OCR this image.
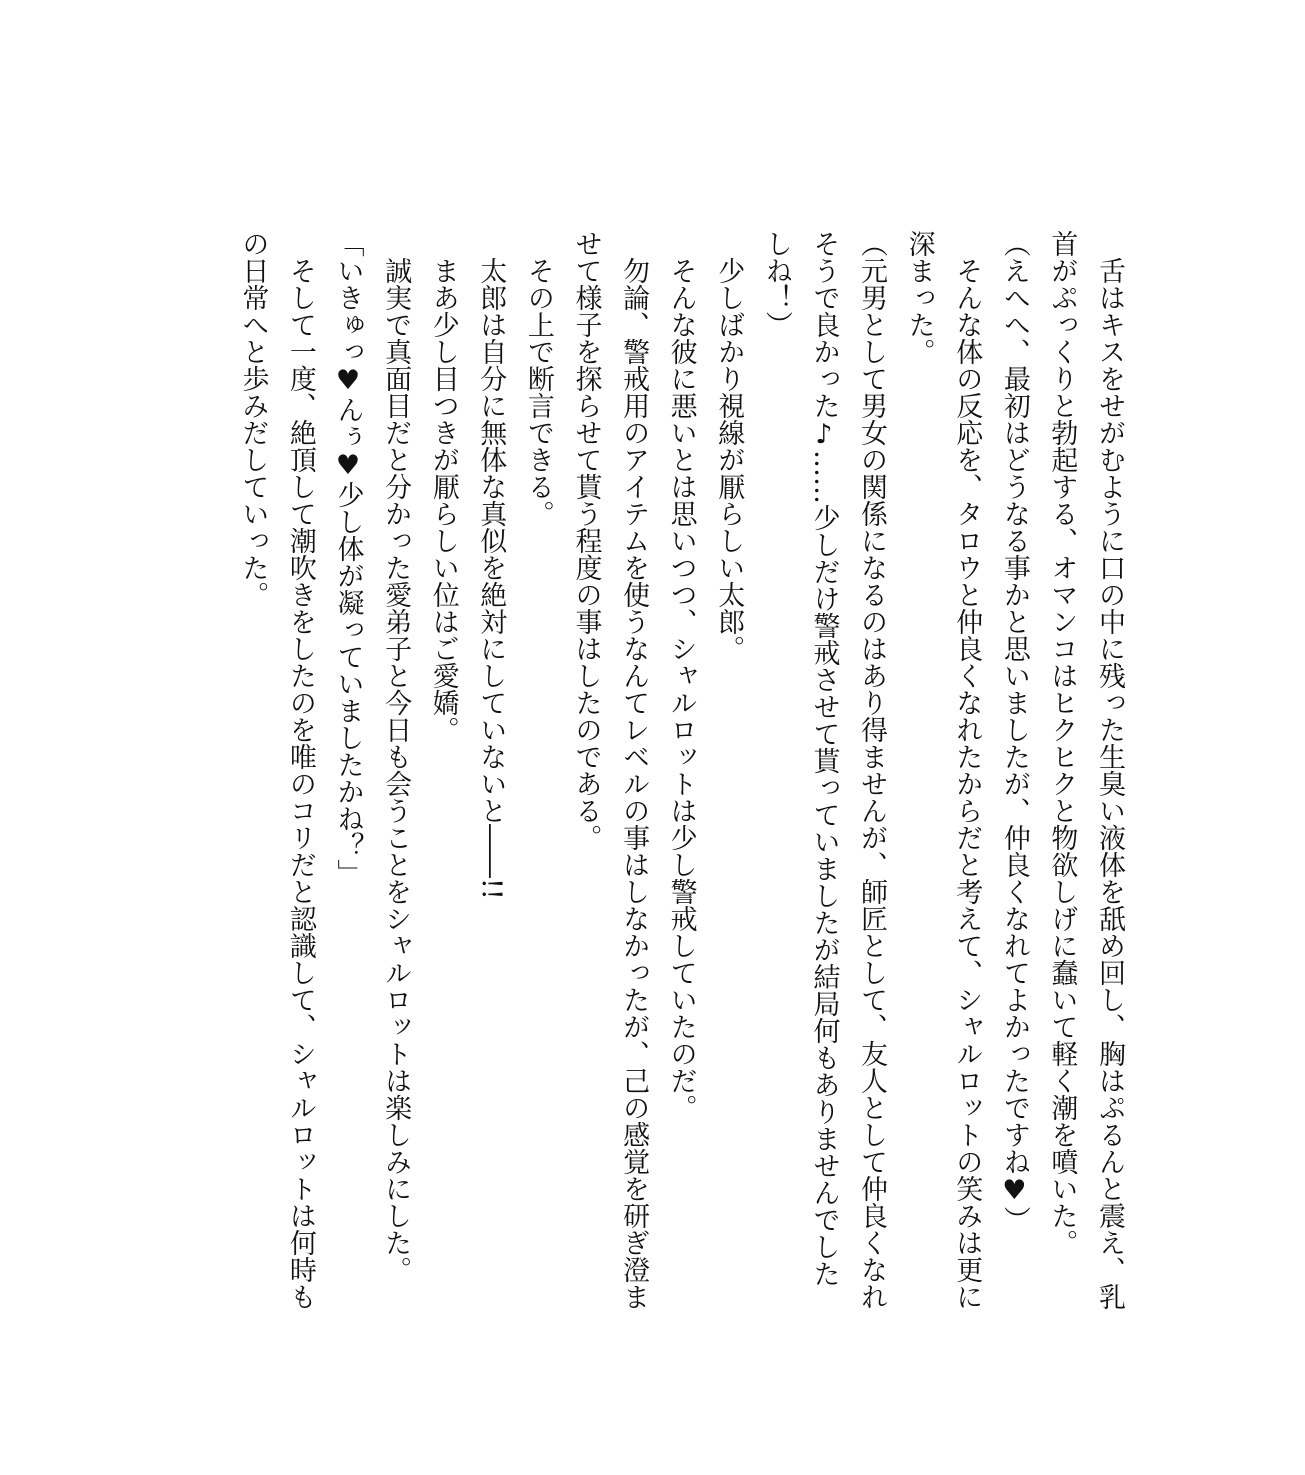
　舌はキスをせがむように口の中に残った生臭い液体を舐め回し、胸はぷるんと震え、乳
首がぷっくりと勃起する、オマンコはヒクヒクと物欲しげに蠢いて軽く潮を噴いた。
（えへへ、最初はどうなる事かと思いましたが、仲良くなれてよかったですね♥）
　そんな体の反応を、タロウと仲良くなれたからだと考えて、シャルロットの笑みは更に
深まった。
（元男として男女の関係になるのはあり得ませんが、師匠として、友人として仲良くなれ
そうで良かった♪……少しだけ警戒させて貰っていましたが結局何もありませんでした
しね！）
　少しばかり視線が厭らしい太郎。
　そんな彼に悪いとは思いつつ、シャルロットは少し警戒していたのだ。
　勿論、警戒用のアイテムを使うなんてレベルの事はしなかったが、己の感覚を研ぎ澄ま
せて様子を探らせて貰う程度の事はしたのである。
　その上で断言できる。
　太郎は自分に無体な真似を絶対にしていないと――!!
　まあ少し目つきが厭らしい位はご愛嬌。
　誠実で真面目だと分かった愛弟子と今日も会うことをシャルロットは楽しみにした。
「いきゅっ♥んぅ♥少し体が凝っていましたかね？」
　そして一度、絶頂して潮吹きをしたのを唯のコリだと認識して、シャルロットは何時も
の日常へと歩みだしていった。
